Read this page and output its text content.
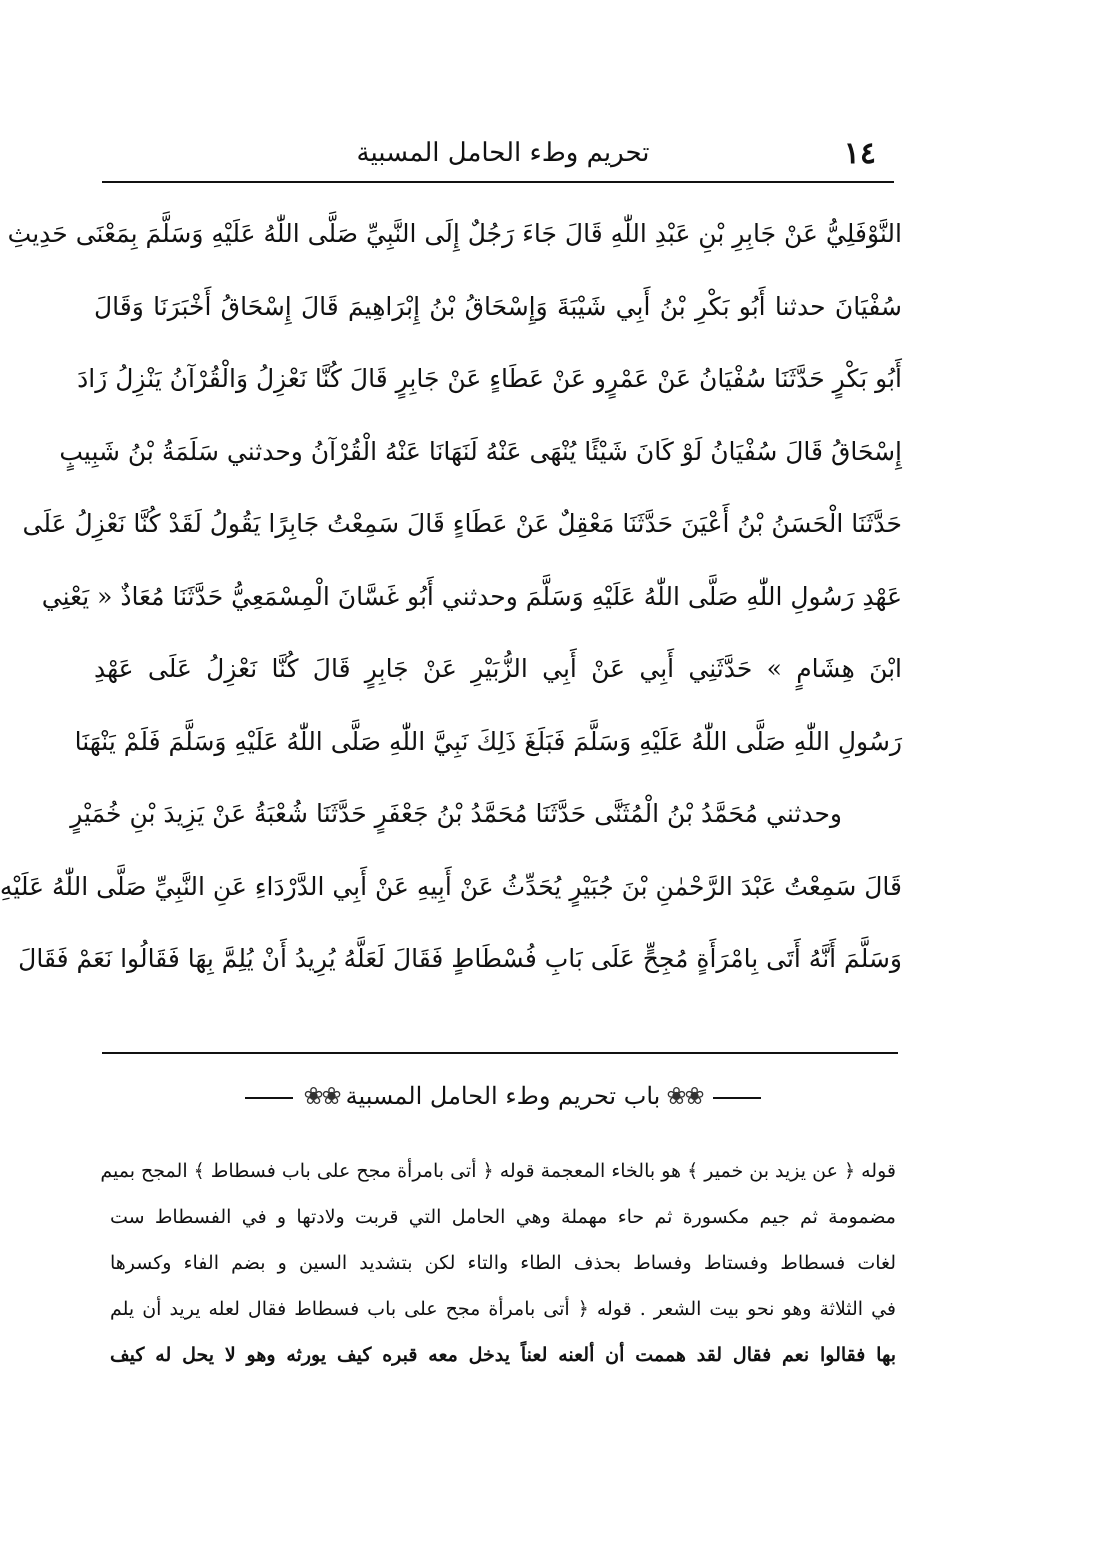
١٤
تحريم وطء الحامل المسبية
النَّوْفَلِيُّ عَنْ جَابِرِ بْنِ عَبْدِ اللّٰهِ قَالَ جَاءَ رَجُلٌ إِلَى النَّبِيِّ صَلَّى اللّٰهُ عَلَيْهِ وَسَلَّمَ بِمَعْنَى حَدِيثِ
سُفْيَانَ حدثنا أَبُو بَكْرِ بْنُ أَبِي شَيْبَةَ وَإِسْحَاقُ بْنُ إِبْرَاهِيمَ قَالَ إِسْحَاقُ أَخْبَرَنَا وَقَالَ
أَبُو بَكْرٍ حَدَّثَنَا سُفْيَانُ عَنْ عَمْرٍو عَنْ عَطَاءٍ عَنْ جَابِرٍ قَالَ كُنَّا نَعْزِلُ وَالْقُرْآنُ يَنْزِلُ زَادَ
إِسْحَاقُ قَالَ سُفْيَانُ لَوْ كَانَ شَيْئًا يُنْهَى عَنْهُ لَنَهَانَا عَنْهُ الْقُرْآنُ وحدثني سَلَمَةُ بْنُ شَبِيبٍ
حَدَّثَنَا الْحَسَنُ بْنُ أَعْيَنَ حَدَّثَنَا مَعْقِلٌ عَنْ عَطَاءٍ قَالَ سَمِعْتُ جَابِرًا يَقُولُ لَقَدْ كُنَّا نَعْزِلُ عَلَى
عَهْدِ رَسُولِ اللّٰهِ صَلَّى اللّٰهُ عَلَيْهِ وَسَلَّمَ وحدثني أَبُو غَسَّانَ الْمِسْمَعِيُّ حَدَّثَنَا مُعَاذٌ « يَعْنِي
ابْنَ هِشَامٍ » حَدَّثَنِي أَبِي عَنْ أَبِي الزُّبَيْرِ عَنْ جَابِرٍ قَالَ كُنَّا نَعْزِلُ عَلَى عَهْدِ
رَسُولِ اللّٰهِ صَلَّى اللّٰهُ عَلَيْهِ وَسَلَّمَ فَبَلَغَ ذَلِكَ نَبِيَّ اللّٰهِ صَلَّى اللّٰهُ عَلَيْهِ وَسَلَّمَ فَلَمْ يَنْهَنَا
وحدثني مُحَمَّدُ بْنُ الْمُثَنَّى حَدَّثَنَا مُحَمَّدُ بْنُ جَعْفَرٍ حَدَّثَنَا شُعْبَةُ عَنْ يَزِيدَ بْنِ خُمَيْرٍ
قَالَ سَمِعْتُ عَبْدَ الرَّحْمٰنِ بْنَ جُبَيْرٍ يُحَدِّثُ عَنْ أَبِيهِ عَنْ أَبِي الدَّرْدَاءِ عَنِ النَّبِيِّ صَلَّى اللّٰهُ عَلَيْهِ
وَسَلَّمَ أَنَّهُ أَتَى بِامْرَأَةٍ مُجِحٍّ عَلَى بَابِ فُسْطَاطٍ فَقَالَ لَعَلَّهُ يُرِيدُ أَنْ يُلِمَّ بِهَا فَقَالُوا نَعَمْ فَقَالَ
❀❀باب تحريم وطء الحامل المسبية❀❀
قوله ﴿ عن يزيد بن خمير ﴾ هو بالخاء المعجمة قوله ﴿ أتى بامرأة مجح على باب فسطاط ﴾ المجح بميم
مضمومة ثم جيم مكسورة ثم حاء مهملة وهي الحامل التي قربت ولادتها و في الفسطاط ست
لغات فسطاط وفستاط وفساط بحذف الطاء والتاء لكن بتشديد السين و بضم الفاء وكسرها
في الثلاثة وهو نحو بيت الشعر . قوله ﴿ أتى بامرأة مجح على باب فسطاط فقال لعله يريد أن يلم
بها فقالوا نعم فقال لقد هممت أن ألعنه لعناً يدخل معه قبره كيف يورثه وهو لا يحل له كيف
